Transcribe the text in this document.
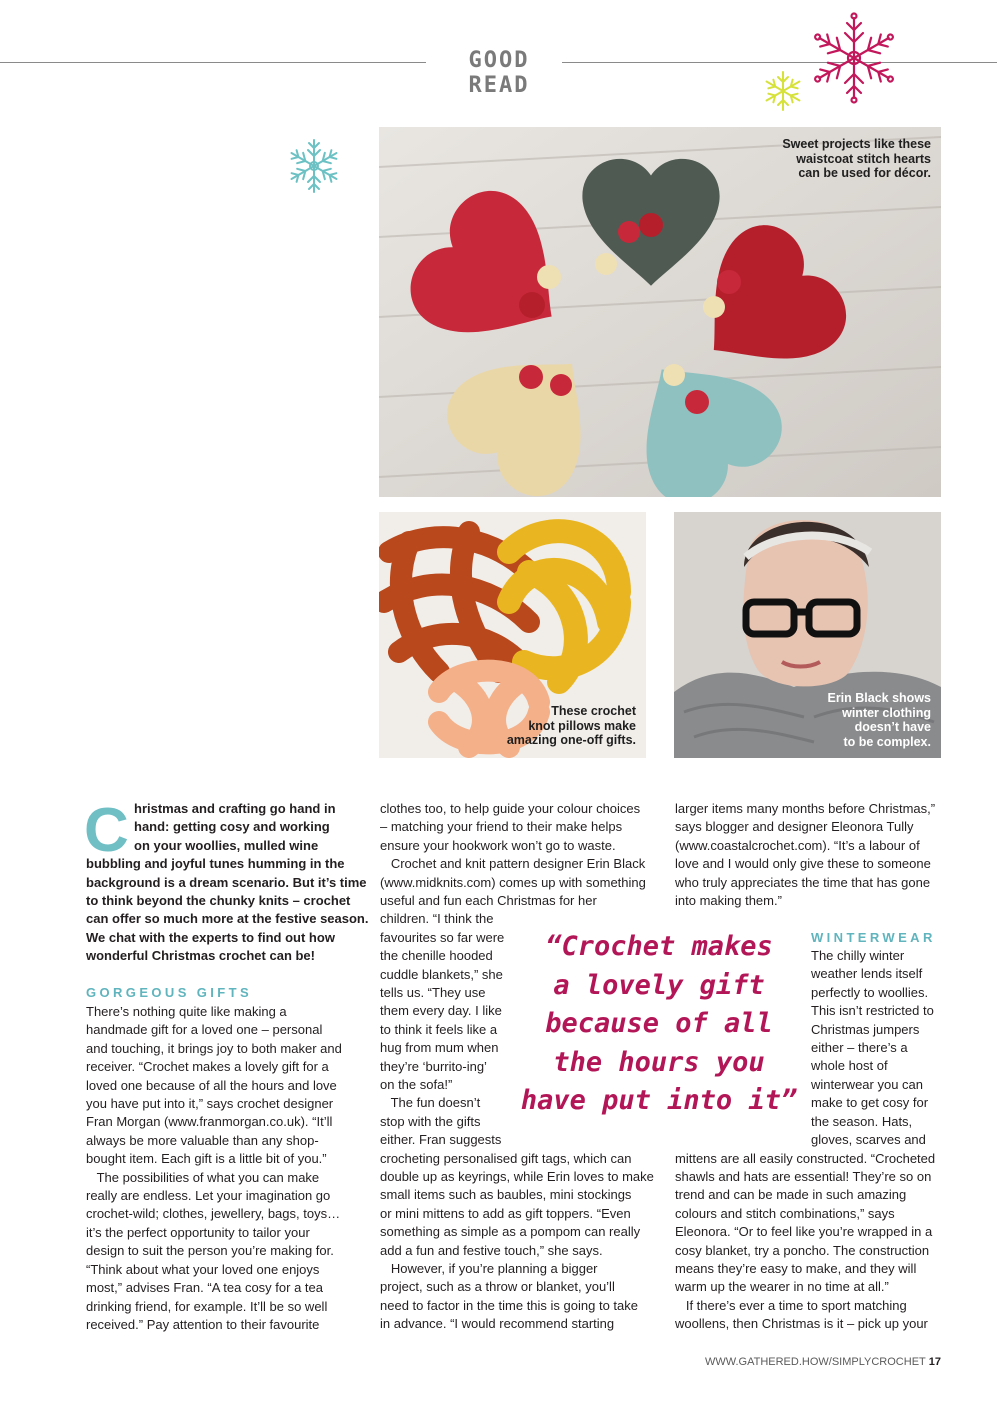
GOOD READ
Sweet projects like these
waistcoat stitch hearts
can be used for décor.
These crochet
knot pillows make
amazing one-off gifts.
Erin Black shows
winter clothing
doesn’t have
to be complex.
C hristmas and crafting go hand in
hand: getting cosy and working
on your woollies, mulled wine
bubbling and joyful tunes humming in the
background is a dream scenario. But it’s time
to think beyond the chunky knits – crochet
can offer so much more at the festive season.
We chat with the experts to find out how
wonderful Christmas crochet can be!
GORGEOUS GIFTS
There’s nothing quite like making a
handmade gift for a loved one – personal
and touching, it brings joy to both maker and
receiver. “Crochet makes a lovely gift for a
loved one because of all the hours and love
you have put into it,” says crochet designer
Fran Morgan (www.franmorgan.co.uk). “It’ll
always be more valuable than any shop-
bought item. Each gift is a little bit of you.”
The possibilities of what you can make
really are endless. Let your imagination go
crochet-wild; clothes, jewellery, bags, toys…
it’s the perfect opportunity to tailor your
design to suit the person you’re making for.
“Think about what your loved one enjoys
most,” advises Fran. “A tea cosy for a tea
drinking friend, for example. It’ll be so well
received.” Pay attention to their favourite
clothes too, to help guide your colour choices
– matching your friend to their make helps
ensure your hookwork won’t go to waste.
Crochet and knit pattern designer Erin Black
(www.midknits.com) comes up with something
useful and fun each Christmas for her
children. “I think the
favourites so far were
the chenille hooded
cuddle blankets,” she
tells us. “They use
them every day. I like
to think it feels like a
hug from mum when
they’re ‘burrito-ing’
on the sofa!”
The fun doesn’t
stop with the gifts
either. Fran suggests
crocheting personalised gift tags, which can
double up as keyrings, while Erin loves to make
small items such as baubles, mini stockings
or mini mittens to add as gift toppers. “Even
something as simple as a pompom can really
add a fun and festive touch,” she says.
However, if you’re planning a bigger
project, such as a throw or blanket, you’ll
need to factor in the time this is going to take
in advance. “I would recommend starting
“Crochet makes
a lovely gift
because of all
the hours you
have put into it”
larger items many months before Christmas,”
says blogger and designer Eleonora Tully
(www.coastalcrochet.com). “It’s a labour of
love and I would only give these to someone
who truly appreciates the time that has gone
into making them.”
WINTERWEAR
The chilly winter
weather lends itself
perfectly to woollies.
This isn’t restricted to
Christmas jumpers
either – there’s a
whole host of
winterwear you can
make to get cosy for
the season. Hats,
gloves, scarves and
mittens are all easily constructed. “Crocheted
shawls and hats are essential! They’re so on
trend and can be made in such amazing
colours and stitch combinations,” says
Eleonora. “Or to feel like you’re wrapped in a
cosy blanket, try a poncho. The construction
means they’re easy to make, and they will
warm up the wearer in no time at all.”
If there’s ever a time to sport matching
woollens, then Christmas is it – pick up your
WWW.GATHERED.HOW/SIMPLYCROCHET 17
